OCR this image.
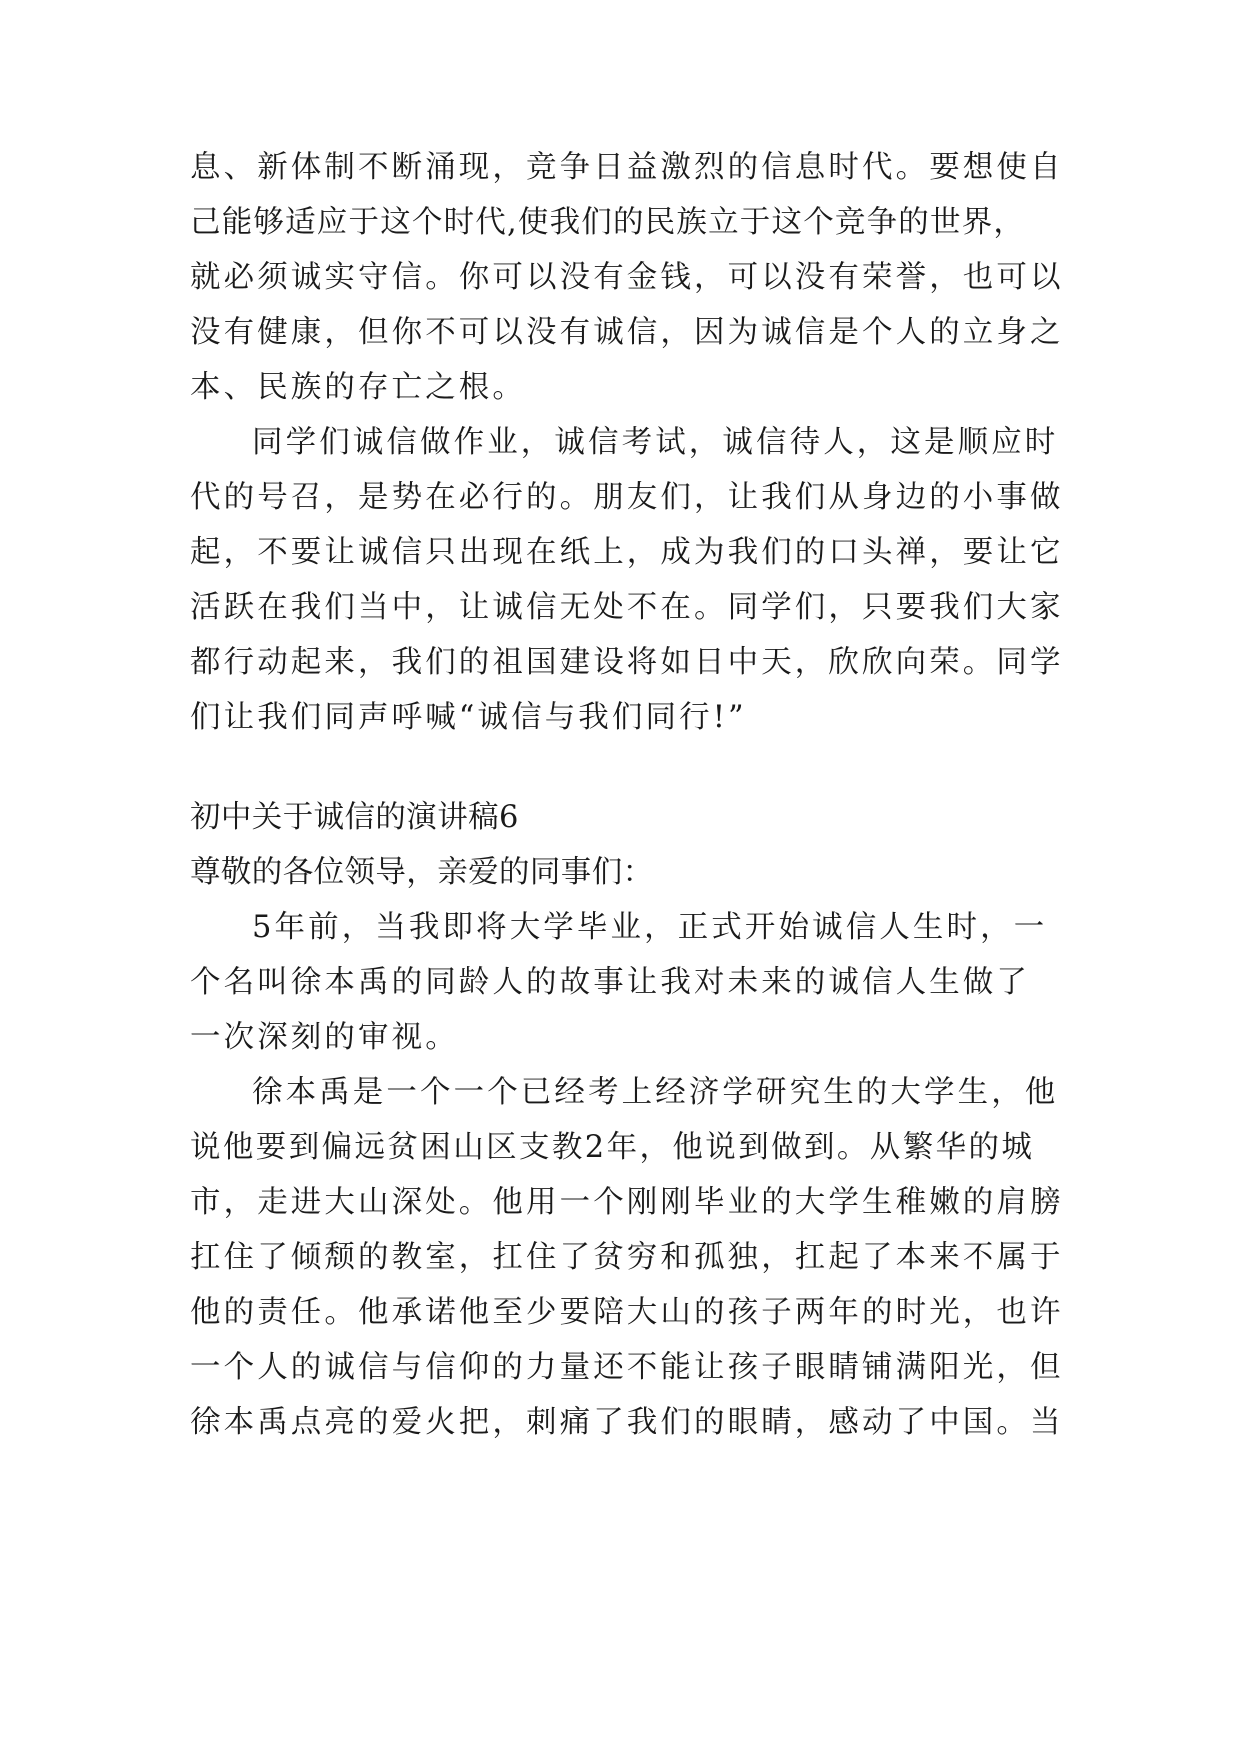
息、新体制不断涌现，竞争日益激烈的信息时代。要想使自

己能够适应于这个时代,使我们的民族立于这个竞争的世界，

就必须诚实守信。你可以没有金钱，可以没有荣誉，也可以

没有健康，但你不可以没有诚信，因为诚信是个人的立身之

本、民族的存亡之根。

同学们诚信做作业，诚信考试，诚信待人，这是顺应时

代的号召，是势在必行的。朋友们，让我们从身边的小事做

起，不要让诚信只出现在纸上，成为我们的口头禅，要让它

活跃在我们当中，让诚信无处不在。同学们，只要我们大家

都行动起来，我们的祖国建设将如日中天，欣欣向荣。同学

们让我们同声呼喊“诚信与我们同行!”

初中关于诚信的演讲稿6

尊敬的各位领导，亲爱的同事们：

5年前，当我即将大学毕业，正式开始诚信人生时，一

个名叫徐本禹的同龄人的故事让我对未来的诚信人生做了

一次深刻的审视。

徐本禹是一个一个已经考上经济学研究生的大学生，他

说他要到偏远贫困山区支教2年，他说到做到。从繁华的城

市，走进大山深处。他用一个刚刚毕业的大学生稚嫩的肩膀

扛住了倾颓的教室，扛住了贫穷和孤独，扛起了本来不属于

他的责任。他承诺他至少要陪大山的孩子两年的时光，也许

一个人的诚信与信仰的力量还不能让孩子眼睛铺满阳光，但

徐本禹点亮的爱火把，刺痛了我们的眼睛，感动了中国。当
